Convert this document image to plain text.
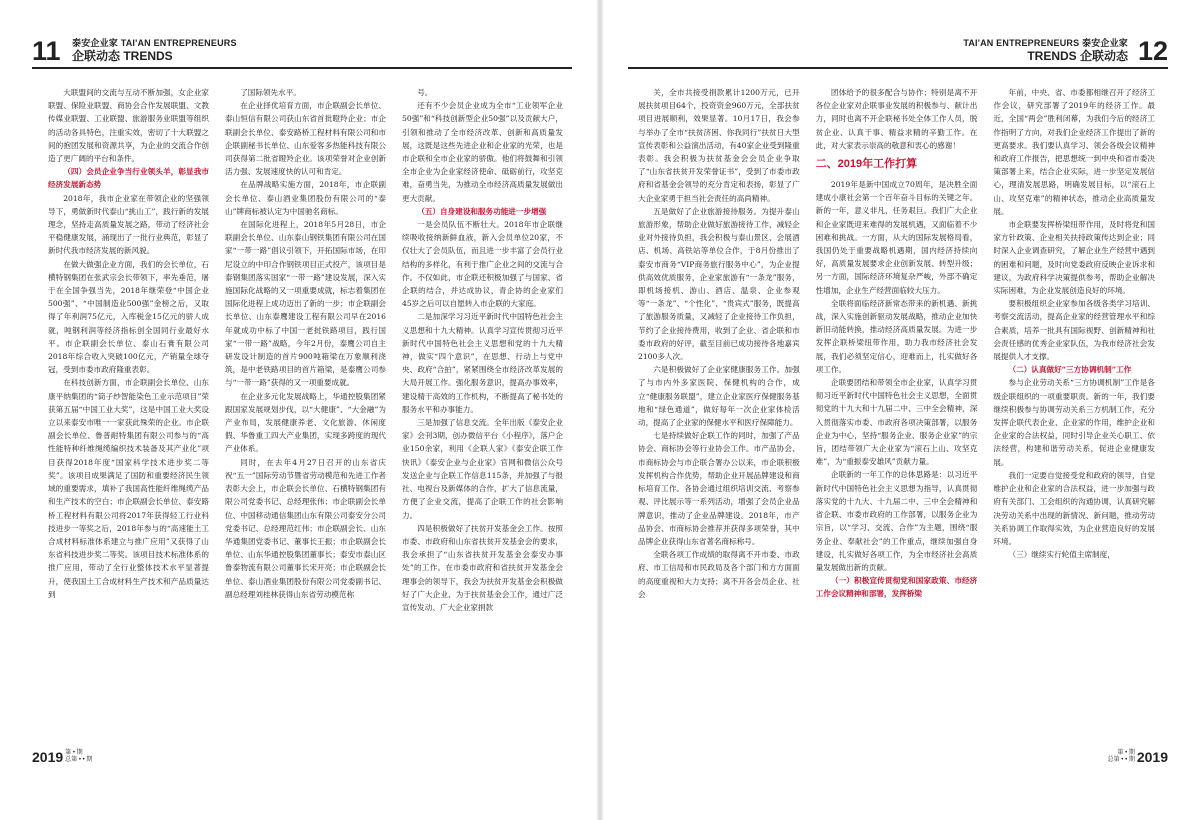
11 泰安企业家 TAI'AN ENTREPRENEURS
企联动态 TRENDS

大联盟间的交流与互动不断加强，女企业家联盟、保险业联盟、商协会合作发展联盟、文教传媒业联盟、工业联盟、旅游服务业联盟等组织的活动各具特色，注重实效，密切了十大联盟之间的抱团发展和资源共享，为企业的交流合作创造了更广阔的平台和条件。

（四）会员企业争当行业领头羊，彰显我市经济发展新态势

2018年，我市企业家在带领企业的坚强领导下，勇做新时代泰山“挑山工”，践行新的发展理念，坚持走高质量发展之路，带动了经济社会平稳健康发展，涌现出了一批行业典范，彰显了新时代我市经济发展的新风貌。

在做大做强企业方面，我们的会长单位，石横特钢集团在张武宗会长带领下，率先垂范，屠于在全国争强当先，2018年继荣登“中国企业500强”、“中国制造业500强”金榜之后，又取得了年利润75亿元，入库税金15亿元的骄人成就，吨钢利润等经济指标创全国同行业最好水平。市企联副会长单位、泰山石膏有限公司2018年综合收入突破100亿元，产销量全球夺冠，受到市委市政府隆重表彰。

在科技创新方面，市企联副会长单位、山东康平纳集团的“筒子纱智能染色工业示范项目”荣获第五届“中国工业大奖”，这是中国工业大奖设立以来泰安市唯一一家获此殊荣的企业。市企联副会长单位、鲁普耐特集团有限公司参与的“高性能特种纤维绳缆编织技术装备及其产业化”项目获得2018年度“国家科学技术进步奖二等奖”。该项目成果满足了国防和重要经济民生领域的重要需求，填补了我国高性能纤维绳缆产品和生产技术的空白；市企联副会长单位、泰安路桥工程材料有限公司将2017年获得轻工行业科技进步一等奖之后，2018年参与的“高速能土工合成材料标准体系建立与推广应用”又获得了山东省科技进步奖二等奖。该项目技术标准体系的推广应用，带动了全行业整体技术水平显著提升，使我国土工合成材料生产技术和产品质量达到

了国际领先水平。

在企业择优培育方面，市企联副会长单位、泰山恒信有限公司获山东省首批瞪羚企业；市企联副会长单位、泰安路桥工程材料有限公司和市企联副秘书长单位、山东爱客多热能科技有限公司获得第二批省瞪羚企业。该项荣誉对企业创新活力强、发展速度快的认可和肯定。

在品牌战略实施方面，2018年，市企联副会长单位、泰山酒业集团股份有限公司的“泰山”牌商标被认定为中国驰名商标。

在国际化进程上，2018年5月28日，市企联副会长单位、山东泰山钢铁集团有限公司在国家“一带一路”倡议引领下，开拓国际市场，在印尼设立的中印合作钢铁项目正式投产，该项目是泰钢集团落实国家“一带一路”建设发展，深入实施国际化战略的又一项重要成就，标志着集团在国际化进程上成功迈出了新的一步；市企联副会长单位、山东泰鹰建设工程有限公司早在2016年就成功中标了中国一老挝铁路项目，践行国家“一带一路”战略，今年2月份，泰鹰公司自主研发设计制造的首片900吨箱梁在万象顺利浇筑，是中老铁路项目的首片箱梁，是泰鹰公司参与“一带一路”获得的又一项重要成就。

在企业多元化发展战略上，华通控股集团紧跟国家发展规划步伐，以“大健康”、“大金融”为产业布局，发展健康养老、文化旅游、休闲度假、华鲁重工四大产业集团，实现多跨度的现代产业体系。

同时，在去年4月27日召开的山东省庆祝“五一”国际劳动节暨省劳动模范和先进工作者表彰大会上，市企联会长单位、石横特钢集团有限公司党委书记、总经理张伟；市企联副会长单位、中国移动通信集团山东有限公司泰安分公司党委书记、总经理范红伟；市企联副会长、山东华通集团党委书记、董事长王振；市企联副会长单位、山东华通控股集团董事长；泰安市泰山区鲁泰物流有限公司董事长宋开亮；市企联副会长单位、泰山酒业集团股份有限公司党委副书记、副总经理刘桂林获得山东省劳动模范称

号。

还有不少会员企业成为全市“工业领军企业50强”和“科技创新型企业50强”以及贡献大户，引领和推动了全市经济改革、创新和高质量发展，这既是这些先进企业和企业家的光荣，也是市企联和全市企业家的骄傲。他们将鼓舞和引领全市企业为企业家经济使命、砥砺前行，攻坚克难，奋勇当先，为推动全市经济高质量发展做出更大贡献。

（五）自身建设和服务功能进一步增强

一是会员队伍不断壮大。2018年市企联继续吸收接纳新鲜血液，新入会员单位20家，不仅壮大了会员队伍，而且进一步丰富了会员行业结构的多样化，有利于推广企业之间的交流与合作。不仅如此，市企联还积极加强了与国家、省企联的结合，并达成协议，青企协的企业家们45岁之后可以自愿转入市企联的大家庭。

二是加深学习习近平新时代中国特色社会主义思想和十九大精神。认真学习宣传贯彻习近平新时代中国特色社会主义思想和党的十九大精神，做实“四个意识”，在思想、行动上与党中央、政府“合拍”，紧紧围绕全市经济改革发展的大局开展工作。强化服务意识，提高办事效率，建设精干高效的工作机构，不断提高了秘书处的服务水平和办事能力。

三是加强了信息交流。全年出版《泰安企业家》会刊3期，创办微信平台《小程序》，落户企业150余家，利用《企联人家》《泰安企联工作快讯》《泰安企业与企业家》官网和微信公众号发送企业与企联工作信息115条，并加强了与报社、电视台及新媒体的合作，扩大了信息流量，方便了企业交流，提高了企联工作的社会影响力。

四是积极做好了扶贫开发基金会工作。按照市委、市政府和山东省扶贫开发基金会的要求，我会承担了“山东省扶贫开发基金会泰安办事处”的工作。在市委市政府和省扶贫开发基金会理事会的领导下，我会为扶贫开发基金会积极做好了广大企业、为于扶贫基金会工作，通过广泛宣传发动、广大企业家捐款

2019 第 • 期
总第 • • 期
12
TAI'AN ENTREPRENEURS 泰安企业家
TRENDS 企联动态

关，全市共接受捐款累计1200万元，已开展扶贫项目64个，投资资金960万元，全部扶贫项目进展顺利，效果显著。10月17日，我会参与举办了全市“扶贫济困、你我同行”扶贫日大型宣传表彰和公益演出活动，有40家企业受到隆重表彰。我会积极为扶贫基金会会员企业争取了“山东省扶贫开发荣誉证书”，受到了市委市政府和省基金会领导的充分肯定和表扬，彰显了广大企业家勇于担当社会责任的高尚精神。

五是做好了企业旅游接待服务。为提升泰山旅游形象，帮助企业做好旅游接待工作，减轻企业对外接待负担，我会积极与泰山景区、会展酒店、机场、高铁站等单位合作，于8月份推出了泰安市商务“VIP商务旅行服务中心”，为企业提供高效优质服务，企业家旅游有“一条龙”服务，即机场接机、游山、酒店、温泉、企业参观等“一条龙”、“个性化”、“贵宾式”服务，既提高了旅游服务质量，又减轻了企业接待工作负担，节约了企业接待费用，收到了企业、省企联和市委市政府的好评，截至目前已成功接待各地嘉宾2100多人次。

六是积极做好了企业家健康服务工作。加强了与市内外多家医院、保健机构的合作，成立“健康服务联盟”，建立企业家医疗保健服务基地和“绿色通道”，做好每年一次企业家体检活动，提高了企业家的保健水平和医疗保障能力。

七是持续做好企联工作的同时，加强了产品协会、商标协会等行业协会工作。市产品协会、市商标协会与市企联合署办公以来，市企联积极发挥机构合作优势，帮助企业开展品牌建设和商标培育工作。各协会通过组织培训交流、考察参观、评比展示等一系列活动，增强了会员企业品牌意识，推动了企业品牌建设。2018年，市产品协会、市商标协会推荐并获得多项荣誉，其中品牌企业获得山东省著名商标称号。

全联各项工作成绩的取得离不开市委、市政府、市工信局和市民政局及各个部门和方方面面的高度重视和大力支持；离不开各会员企业、社会

团体给予的很多配合与协作；特别是离不开各位企业家对企联事业发展的积极参与、献计出力，同时也离不开企联秘书处全体工作人员，脱贫企业、认真干事、精益求精的辛勤工作。在此，对大家表示崇高的敬意和衷心的感谢！

二、2019年工作打算

2019年是新中国成立70周年，是决胜全面建成小康社会第一个百年奋斗目标的关键之年。新的一年，意义非凡，任务艰巨。我们广大企业和企业家既迎来难得的发展机遇，又面临着不少困难和挑战。一方面，从大的国际发展格局看，我国仍处于重要战略机遇期，国内经济持续向好，高质量发展要求企业创新发展、转型升级；另一方面，国际经济环境复杂严峻，外部不确定性增加，企业生产经营面临较大压力。

全联将面临经济新常态带来的新机遇、新挑战，深入实施创新驱动发展战略，推动企业加快新旧动能转换，推动经济高质量发展。为进一步发挥企联桥梁纽带作用，助力我市经济社会发展，我们必须坚定信心，迎难而上，扎实做好各项工作。

企联要团结和带领全市企业家，认真学习贯彻习近平新时代中国特色社会主义思想，全面贯彻党的十九大和十九届二中、三中全会精神，深入贯彻落实市委、市政府各项决策部署，以服务企业为中心，坚持“服务企业、服务企业家”的宗旨，团结带领广大企业家为“滚石上山、攻坚克难”，为“重振泰安雄风”贡献力量。

企联新的一年工作的总体思路是：以习近平新时代中国特色社会主义思想为指导，认真贯彻落实党的十九大、十九届二中、三中全会精神和省企联、市委市政府的工作部署，以服务企业为宗旨，以“学习、交流、合作”为主题，围绕“服务企业、奉献社会”的工作重点，继续加强自身建设，扎实做好各项工作，为全市经济社会高质量发展做出新的贡献。

（一）积极宣传贯彻党和国家政策、市经济工作会议精神和部署，发挥桥梁

年前，中央、省、市委都相继召开了经济工作会议，研究部署了2019年的经济工作。最近，全国“两会”胜利闭幕，为我们今后的经济工作指明了方向，对我们企业经济工作提出了新的更高要求。我们要认真学习、领会各级会议精神和政府工作报告，把思想统一到中央和省市委决策部署上来，结合企业实际，进一步坚定发展信心，理清发展思路，明确发展目标，以“滚石上山、攻坚克难”的精神状态，推动企业高质量发展。

市企联要发挥桥梁纽带作用，及时将党和国家方针政策、企业相关扶持政策传达到企业；同时深入企业调查研究，了解企业生产经营中遇到的困难和问题，及时向党委政府反映企业诉求和建议，为政府科学决策提供参考，帮助企业解决实际困难，为企业发展创造良好的环境。

要积极组织企业家参加各级各类学习培训、考察交流活动，提高企业家的经营管理水平和综合素质，培养一批具有国际视野、创新精神和社会责任感的优秀企业家队伍，为我市经济社会发展提供人才支撑。

（二）认真做好“三方协调机制”工作

参与企业劳动关系“三方协调机制”工作是各级企联组织的一项重要职责。新的一年，我们要继续积极参与协调劳动关系三方机制工作，充分发挥企联代表企业、企业家的作用，维护企业和企业家的合法权益，同时引导企业关心职工、依法经营，构建和谐劳动关系，促进企业健康发展。

我们一定要自觉接受党和政府的领导，自觉维护企业和企业家的合法权益，进一步加强与政府有关部门、工会组织的沟通协调，认真研究解决劳动关系中出现的新情况、新问题，推动劳动关系协调工作取得实效，为企业营造良好的发展环境。

（三）继续实行轮值主席制度，

第 • 期
总第 • • 期 2019
